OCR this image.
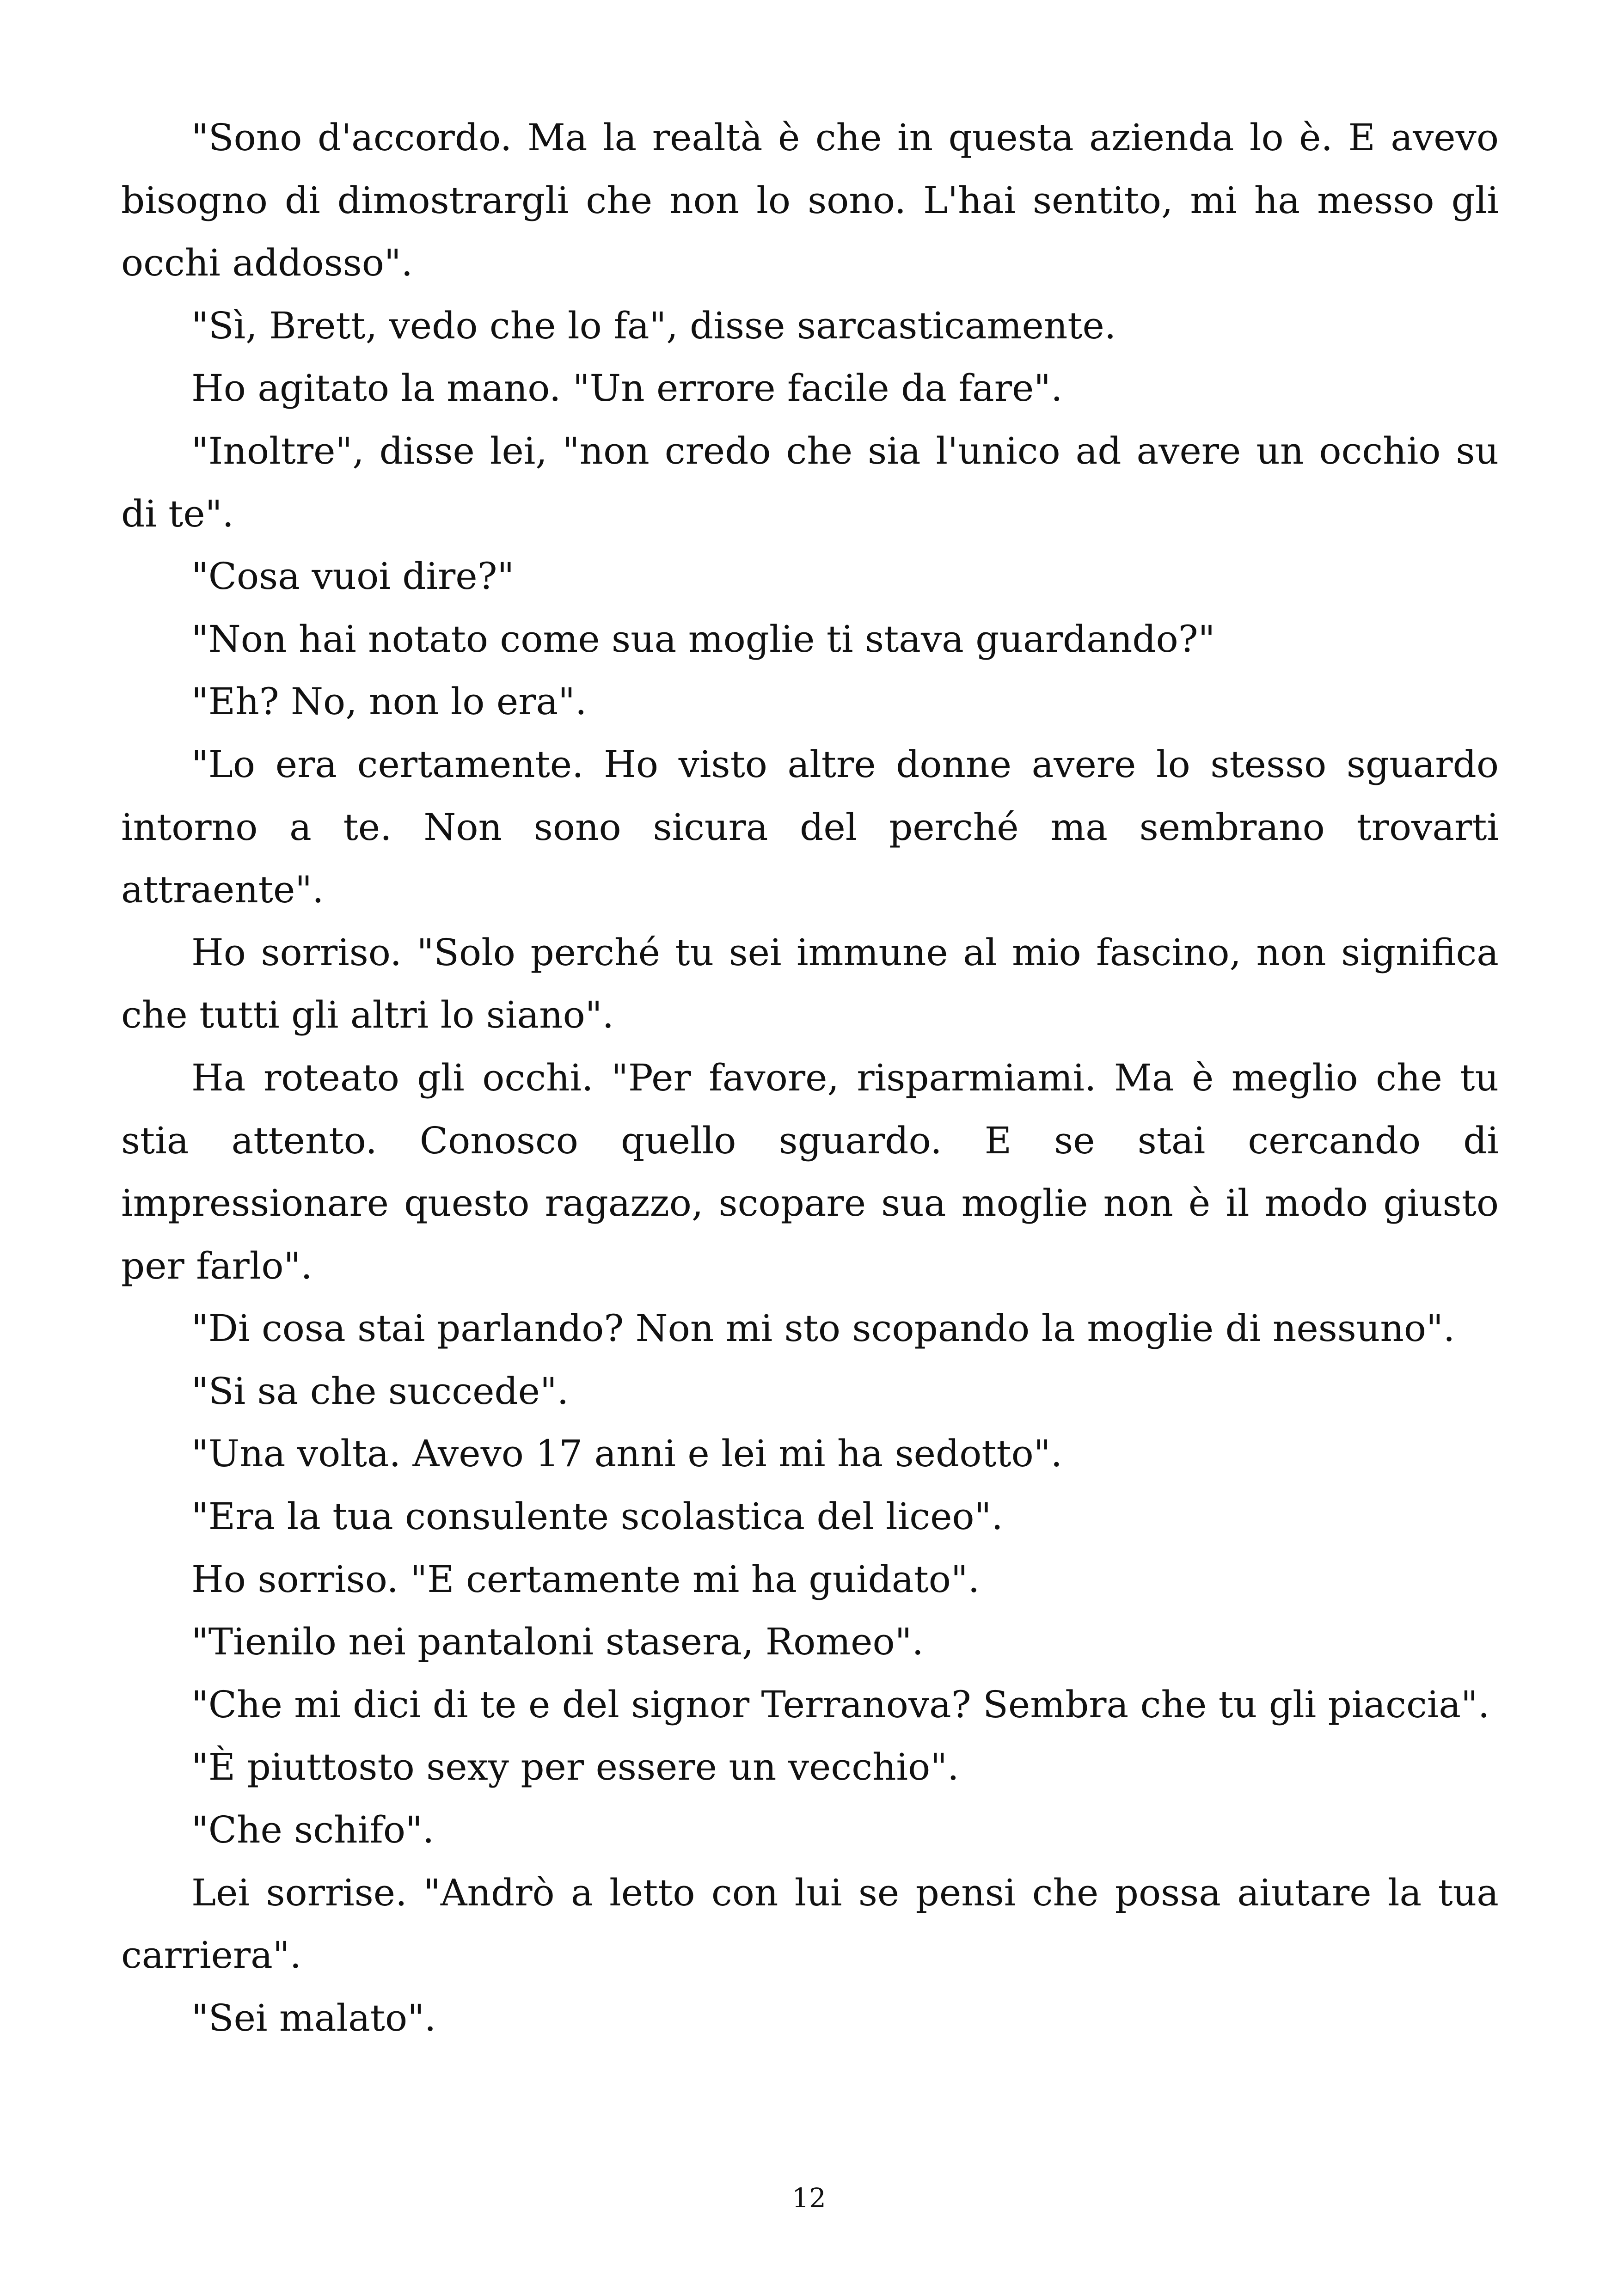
"Sono d'accordo. Ma la realtà è che in questa azienda lo è. E avevo bisogno di dimostrargli che non lo sono. L'hai sentito, mi ha messo gli occhi addosso".

"Sì, Brett, vedo che lo fa", disse sarcasticamente.

Ho agitato la mano. "Un errore facile da fare".

"Inoltre", disse lei, "non credo che sia l'unico ad avere un occhio su di te".

"Cosa vuoi dire?"

"Non hai notato come sua moglie ti stava guardando?"

"Eh? No, non lo era".

"Lo era certamente. Ho visto altre donne avere lo stesso sguardo intorno a te. Non sono sicura del perché ma sembrano trovarti attraente".

Ho sorriso. "Solo perché tu sei immune al mio fascino, non significa che tutti gli altri lo siano".

Ha roteato gli occhi. "Per favore, risparmiami. Ma è meglio che tu stia attento. Conosco quello sguardo. E se stai cercando di impressionare questo ragazzo, scopare sua moglie non è il modo giusto per farlo".

"Di cosa stai parlando? Non mi sto scopando la moglie di nessuno".

"Si sa che succede".

"Una volta. Avevo 17 anni e lei mi ha sedotto".

"Era la tua consulente scolastica del liceo".

Ho sorriso. "E certamente mi ha guidato".

"Tienilo nei pantaloni stasera, Romeo".

"Che mi dici di te e del signor Terranova? Sembra che tu gli piaccia".

"È piuttosto sexy per essere un vecchio".

"Che schifo".

Lei sorrise. "Andrò a letto con lui se pensi che possa aiutare la tua carriera".

"Sei malato".

12
